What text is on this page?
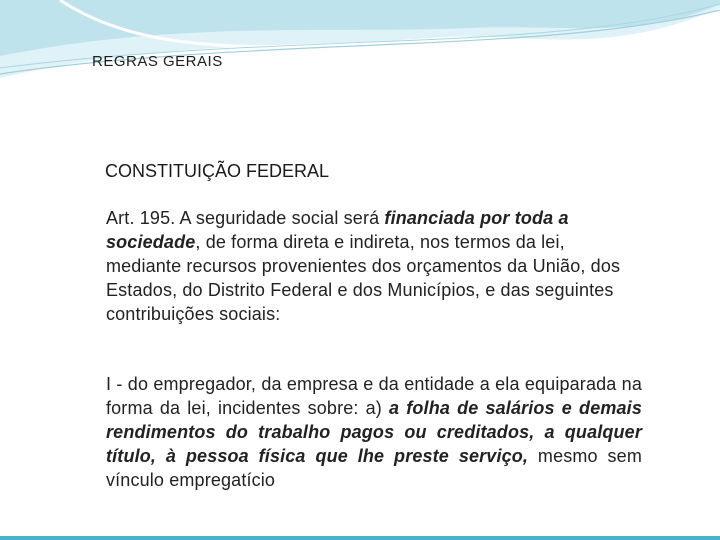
REGRAS GERAIS
CONSTITUIÇÃO FEDERAL

Art. 195. A seguridade social será financiada por toda a sociedade, de forma direta e indireta, nos termos da lei, mediante recursos provenientes dos orçamentos da União, dos Estados, do Distrito Federal e dos Municípios, e das seguintes contribuições sociais:

I - do empregador, da empresa e da entidade a ela equiparada na forma da lei, incidentes sobre: a) a folha de salários e demais rendimentos do trabalho pagos ou creditados, a qualquer título, à pessoa física que lhe preste serviço, mesmo sem vínculo empregatício
